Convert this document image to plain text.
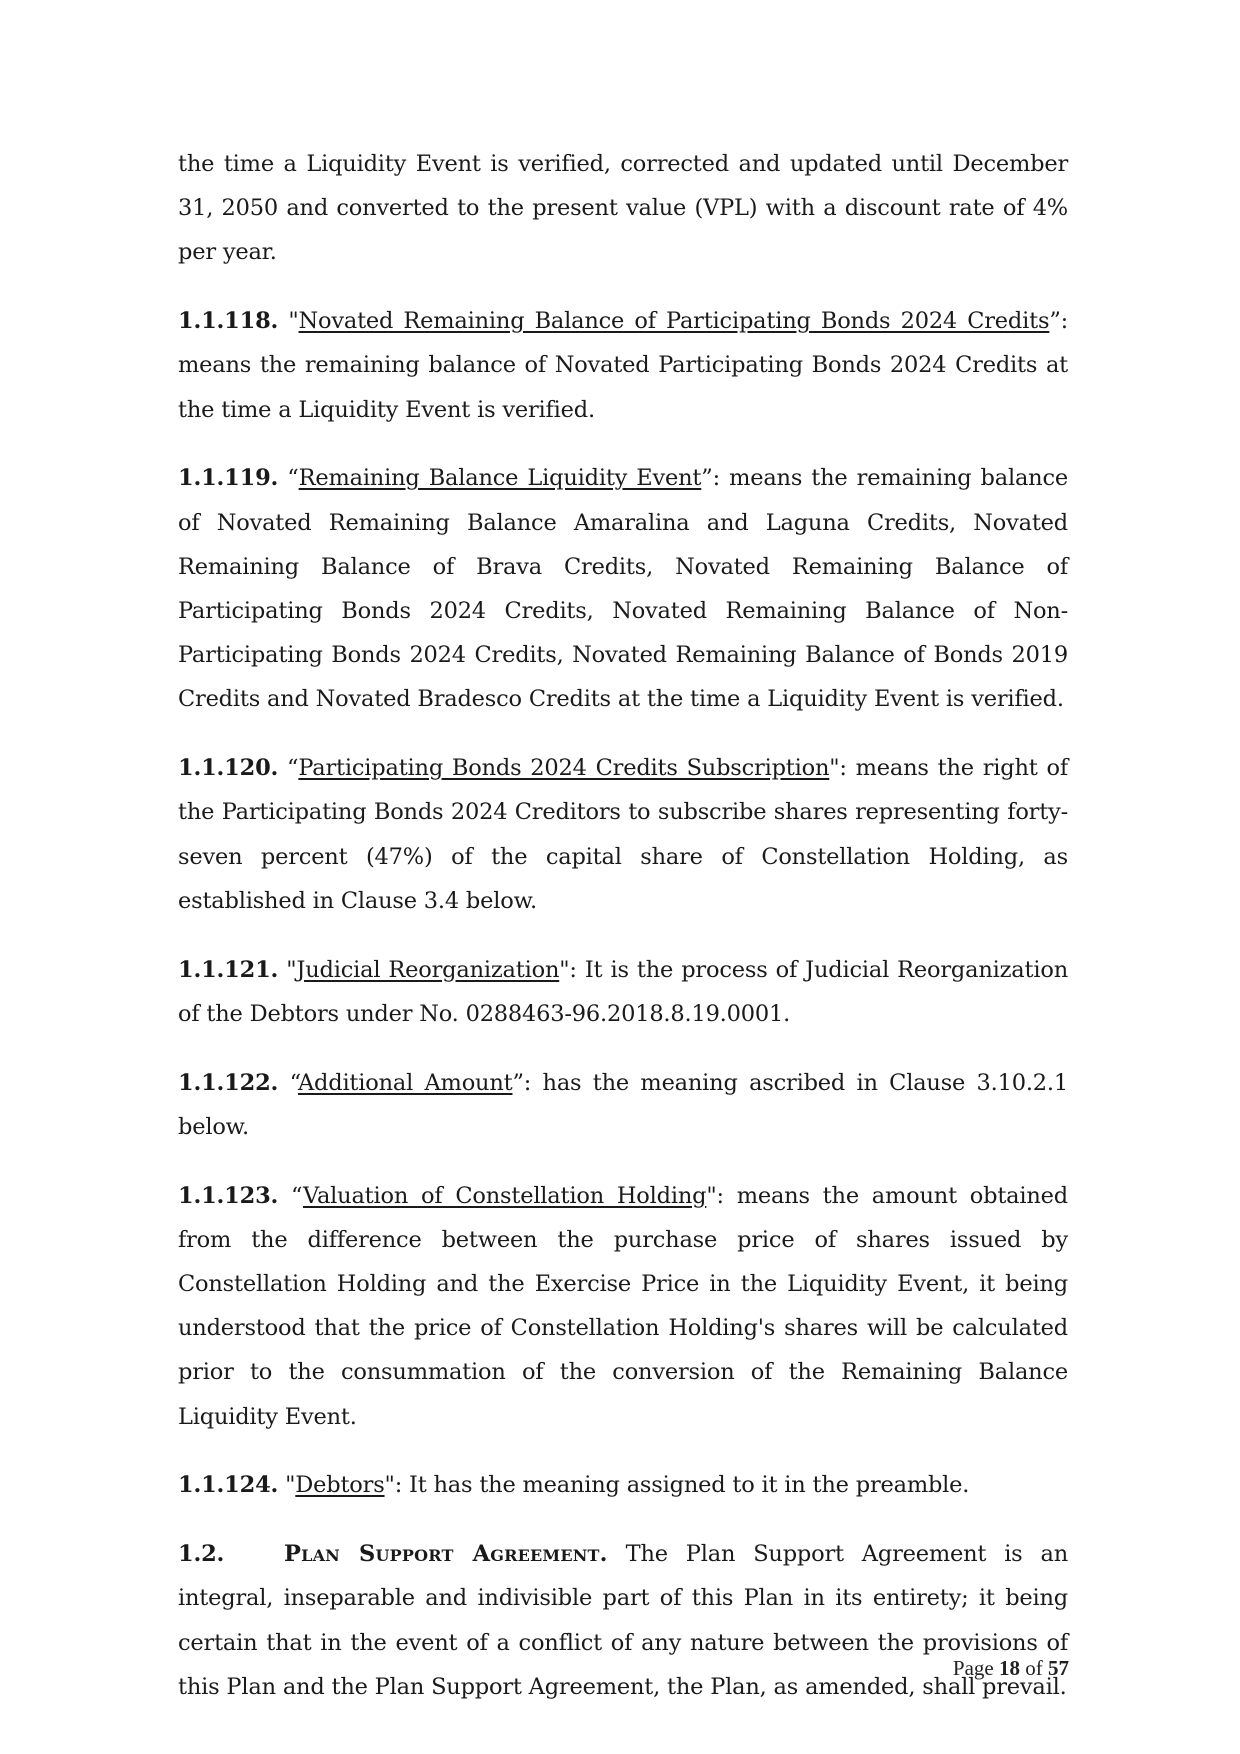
the time a Liquidity Event is verified, corrected and updated until December 31, 2050 and converted to the present value (VPL) with a discount rate of 4% per year.

1.1.118. "Novated Remaining Balance of Participating Bonds 2024 Credits”: means the remaining balance of Novated Participating Bonds 2024 Credits at the time a Liquidity Event is verified.

1.1.119. “Remaining Balance Liquidity Event”: means the remaining balance of Novated Remaining Balance Amaralina and Laguna Credits, Novated Remaining Balance of Brava Credits, Novated Remaining Balance of Participating Bonds 2024 Credits, Novated Remaining Balance of Non-Participating Bonds 2024 Credits, Novated Remaining Balance of Bonds 2019 Credits and Novated Bradesco Credits at the time a Liquidity Event is verified.

1.1.120. “Participating Bonds 2024 Credits Subscription": means the right of the Participating Bonds 2024 Creditors to subscribe shares representing forty-seven percent (47%) of the capital share of Constellation Holding, as established in Clause 3.4 below.

1.1.121. "Judicial Reorganization": It is the process of Judicial Reorganization of the Debtors under No. 0288463-96.2018.8.19.0001.

1.1.122. “Additional Amount”: has the meaning ascribed in Clause 3.10.2.1 below.

1.1.123. “Valuation of Constellation Holding": means the amount obtained from the difference between the purchase price of shares issued by Constellation Holding and the Exercise Price in the Liquidity Event, it being understood that the price of Constellation Holding's shares will be calculated prior to the consummation of the conversion of the Remaining Balance Liquidity Event.

1.1.124. "Debtors": It has the meaning assigned to it in the preamble.

1.2.	Plan Support Agreement. The Plan Support Agreement is an integral, inseparable and indivisible part of this Plan in its entirety; it being certain that in the event of a conflict of any nature between the provisions of this Plan and the Plan Support Agreement, the Plan, as amended, shall prevail.

Page 18 of 57
